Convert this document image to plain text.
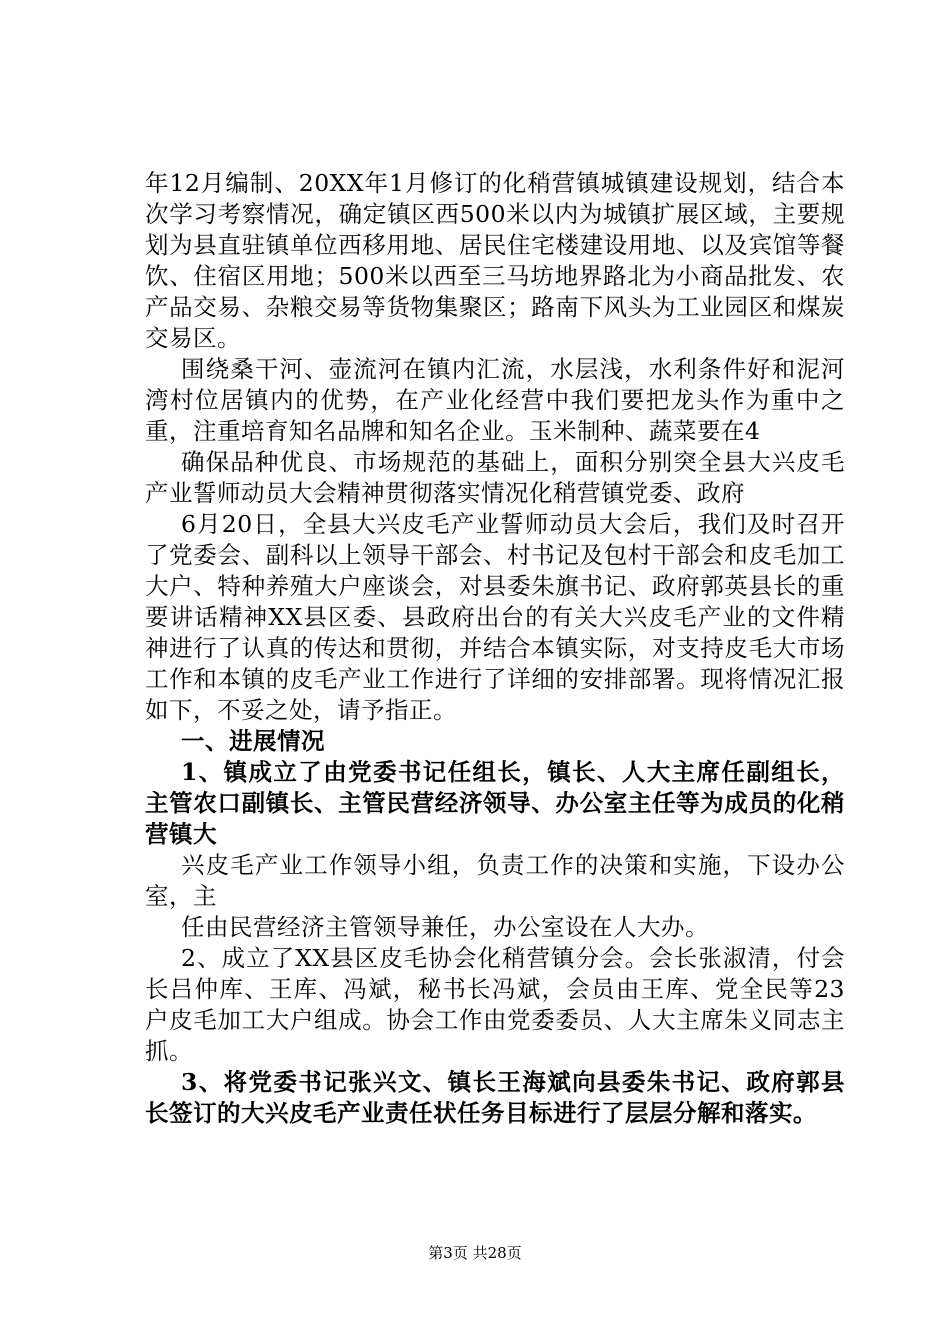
年12月编制、20XX年1月修订的化稍营镇城镇建设规划，结合本次学习考察情况，确定镇区西500米以内为城镇扩展区域，主要规划为县直驻镇单位西移用地、居民住宅楼建设用地、以及宾馆等餐饮、住宿区用地；500米以西至三马坊地界路北为小商品批发、农产品交易、杂粮交易等货物集聚区；路南下风头为工业园区和煤炭交易区。

围绕桑干河、壶流河在镇内汇流，水层浅，水利条件好和泥河湾村位居镇内的优势，在产业化经营中我们要把龙头作为重中之重，注重培育知名品牌和知名企业。玉米制种、蔬菜要在4

确保品种优良、市场规范的基础上，面积分别突全县大兴皮毛产业誓师动员大会精神贯彻落实情况化稍营镇党委、政府

6月20日，全县大兴皮毛产业誓师动员大会后，我们及时召开了党委会、副科以上领导干部会、村书记及包村干部会和皮毛加工大户、特种养殖大户座谈会，对县委朱旗书记、政府郭英县长的重要讲话精神XX县区委、县政府出台的有关大兴皮毛产业的文件精神进行了认真的传达和贯彻，并结合本镇实际，对支持皮毛大市场工作和本镇的皮毛产业工作进行了详细的安排部署。现将情况汇报如下，不妥之处，请予指正。

一、进展情况

1、镇成立了由党委书记任组长，镇长、人大主席任副组长，主管农口副镇长、主管民营经济领导、办公室主任等为成员的化稍营镇大

兴皮毛产业工作领导小组，负责工作的决策和实施，下设办公室，主

任由民营经济主管领导兼任，办公室设在人大办。

2、成立了XX县区皮毛协会化稍营镇分会。会长张淑清，付会长吕仲库、王库、冯斌，秘书长冯斌，会员由王库、党全民等23户皮毛加工大户组成。协会工作由党委委员、人大主席朱义同志主抓。

3、将党委书记张兴文、镇长王海斌向县委朱书记、政府郭县长签订的大兴皮毛产业责任状任务目标进行了层层分解和落实。

第3页 共28页
